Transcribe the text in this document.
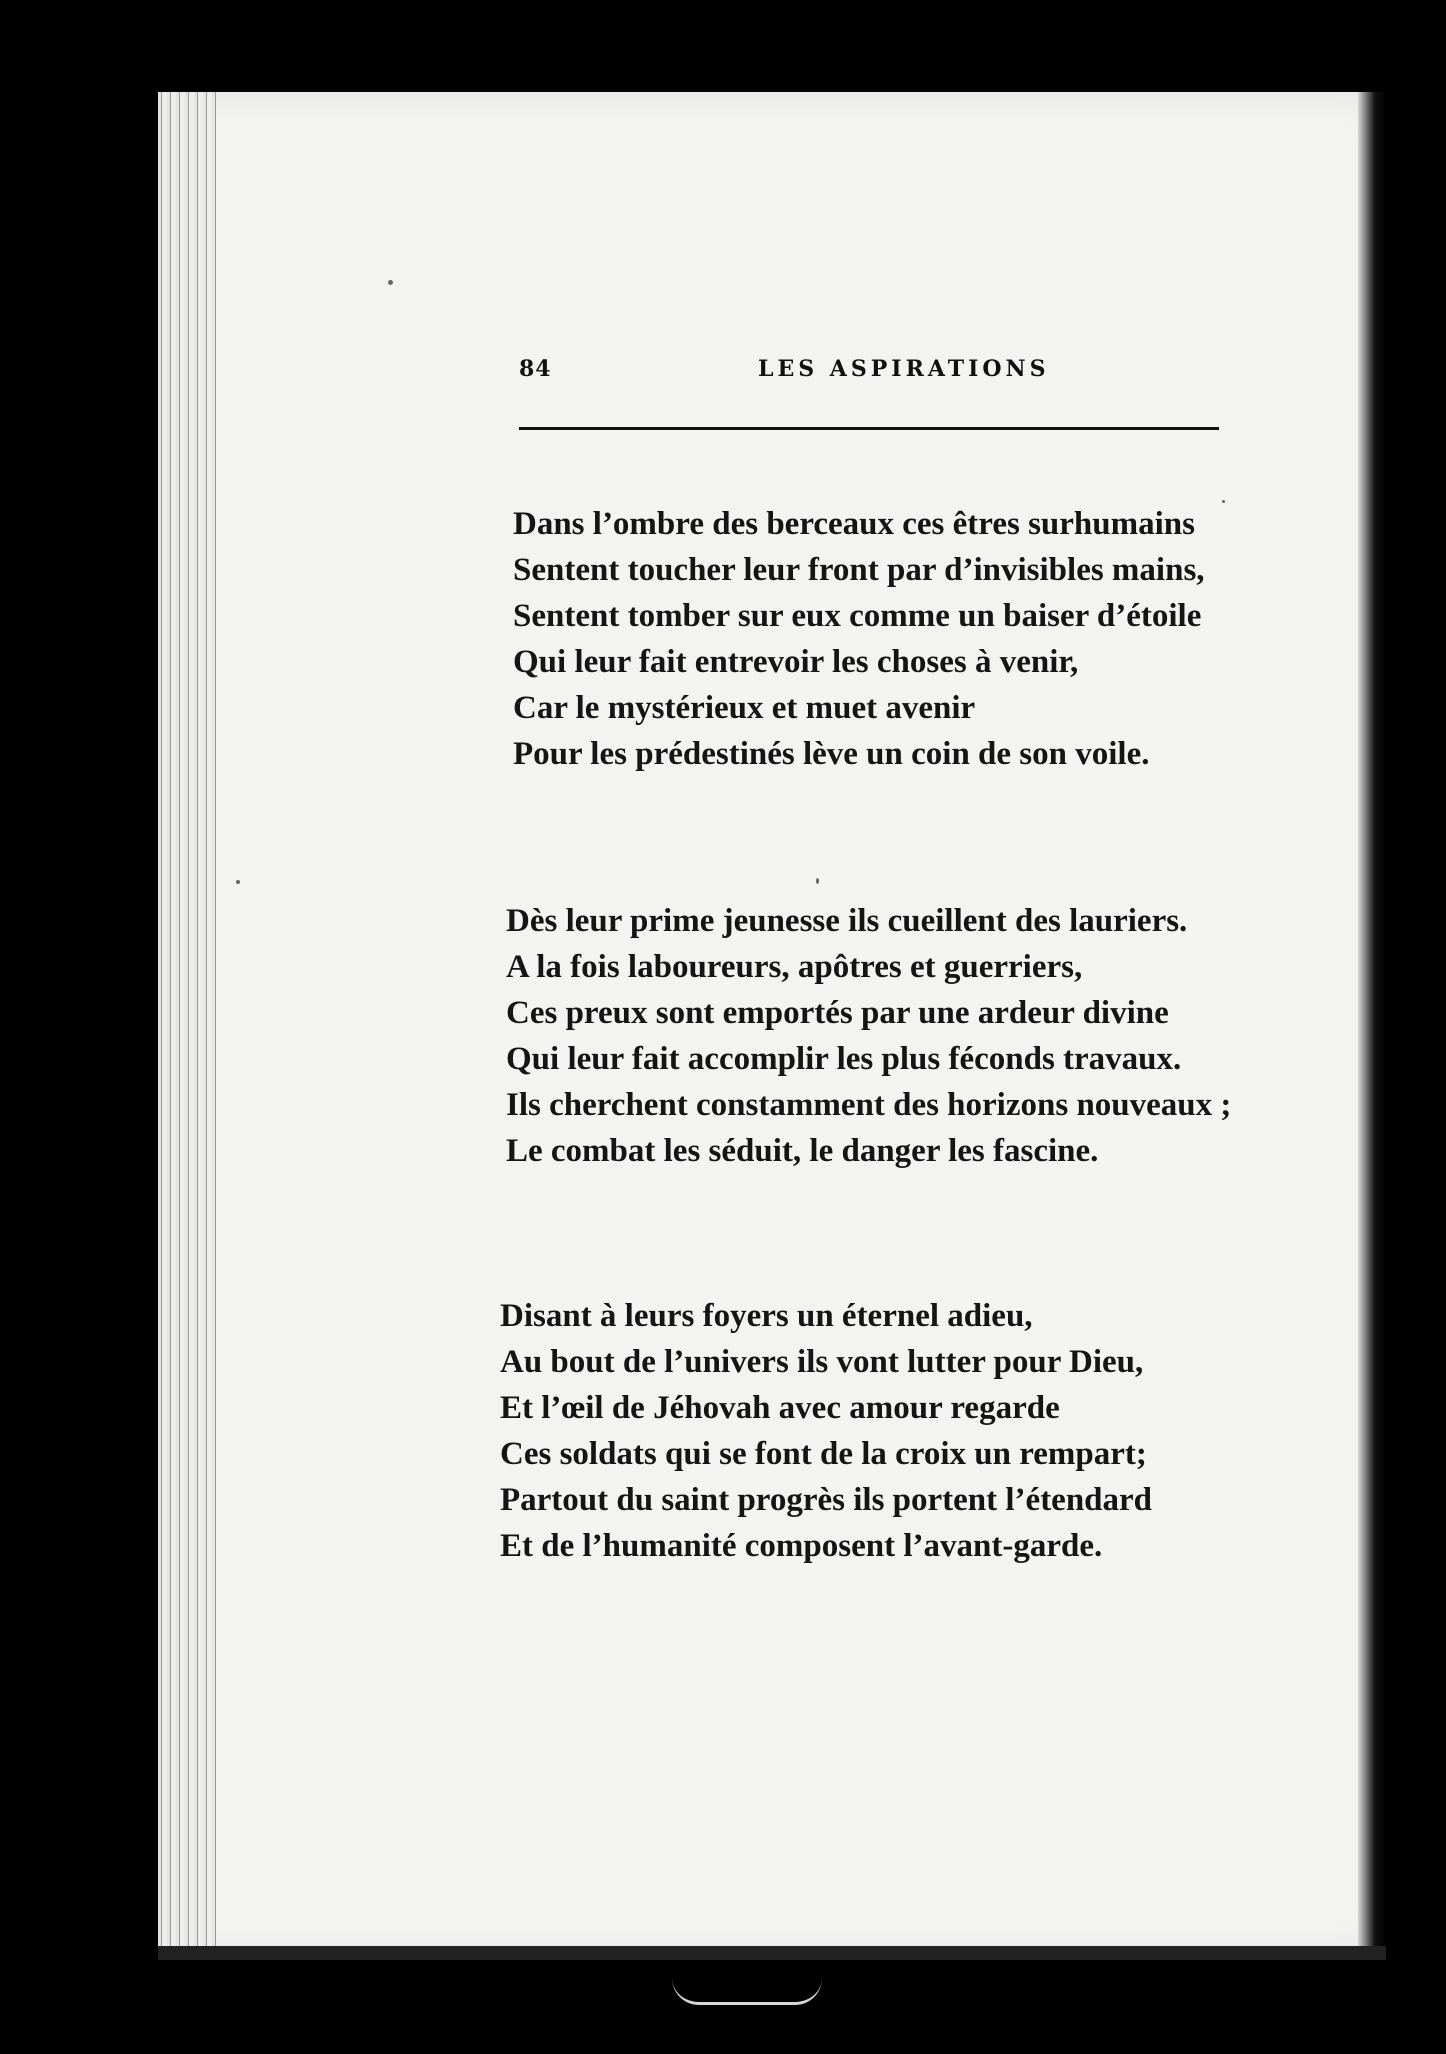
84	LES ASPIRATIONS
Dans l’ombre des berceaux ces êtres surhumains
Sentent toucher leur front par d’invisibles mains,
Sentent tomber sur eux comme un baiser d’étoile
Qui leur fait entrevoir les choses à venir,
Car le mystérieux et muet avenir
Pour les prédestinés lève un coin de son voile.
Dès leur prime jeunesse ils cueillent des lauriers.
A la fois laboureurs, apôtres et guerriers,
Ces preux sont emportés par une ardeur divine
Qui leur fait accomplir les plus féconds travaux.
Ils cherchent constamment des horizons nouveaux ;
Le combat les séduit, le danger les fascine.
Disant à leurs foyers un éternel adieu,
Au bout de l’univers ils vont lutter pour Dieu,
Et l’œil de Jéhovah avec amour regarde
Ces soldats qui se font de la croix un rempart;
Partout du saint progrès ils portent l’étendard
Et de l’humanité composent l’avant-garde.
